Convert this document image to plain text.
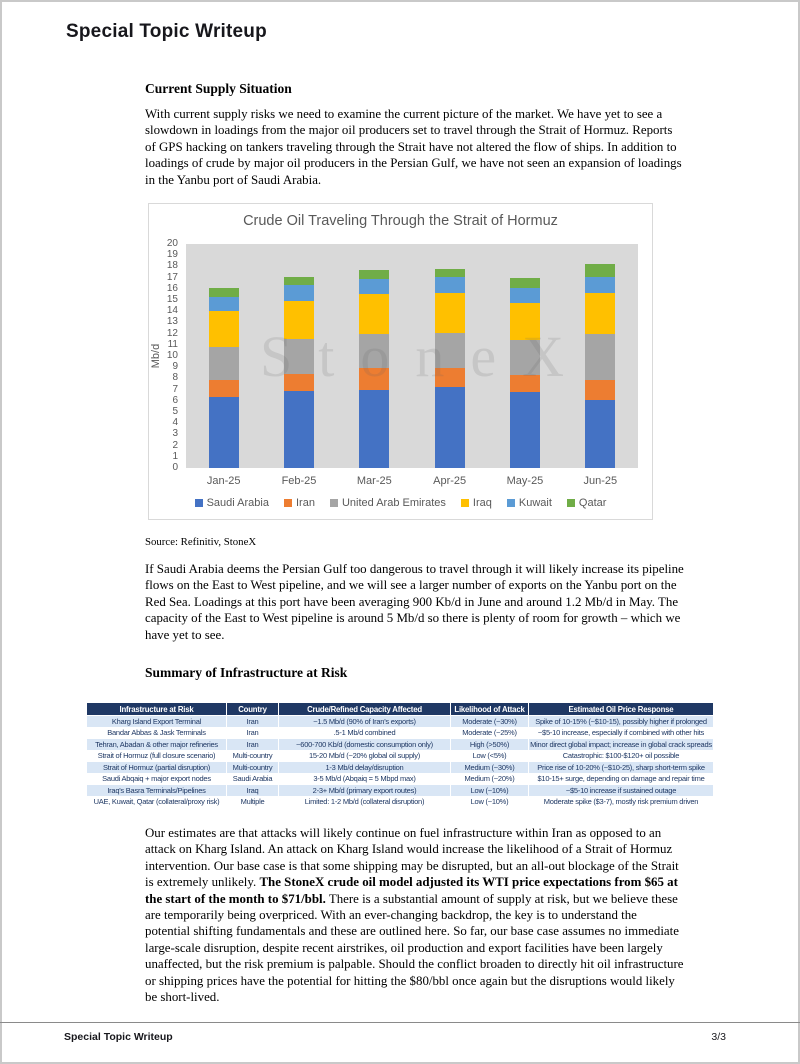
Special Topic Writeup
Current Supply Situation
With current supply risks we need to examine the current picture of the market. We have yet to see a slowdown in loadings from the major oil producers set to travel through the Strait of Hormuz. Reports of GPS hacking on tankers traveling through the Strait have not altered the flow of ships. In addition to loadings of crude by major oil producers in the Persian Gulf, we have not seen an expansion of loadings in the Yanbu port of Saudi Arabia.
Crude Oil Traveling Through the Strait of Hormuz
0
1
2
3
4
5
6
7
8
9
10
11
12
13
14
15
16
17
18
19
20
Mb/d
Jan-25	Feb-25	Mar-25	Apr-25	May-25	Jun-25
Saudi Arabia Iran United Arab Emirates Iraq Kuwait Qatar
Source: Refinitiv, StoneX
If Saudi Arabia deems the Persian Gulf too dangerous to travel through it will likely increase its pipeline flows on the East to West pipeline, and we will see a larger number of exports on the Yanbu port on the Red Sea. Loadings at this port have been averaging 900 Kb/d in June and around 1.2 Mb/d in May. The capacity of the East to West pipeline is around 5 Mb/d so there is plenty of room for growth – which we have yet to see.
Summary of Infrastructure at Risk
Infrastructure at Risk	Country	Crude/Refined Capacity Affected	Likelihood of Attack	Estimated Oil Price Response
Kharg Island Export Terminal	Iran	~1.5 Mb/d (90% of Iran's exports)	Moderate (~30%)	Spike of 10-15% (~$10-15), possibly higher if prolonged
Bandar Abbas & Jask Terminals	Iran	.5-1 Mb/d combined	Moderate (~25%)	~$5-10 increase, especially if combined with other hits
Tehran, Abadan & other major refineries	Iran	~600-700 Kb/d (domestic consumption only)	High (>50%)	Minor direct global impact; increase in global crack spreads
Strait of Hormuz (full closure scenario)	Multi-country	15-20 Mb/d (~20% global oil supply)	Low (<5%)	Catastrophic: $100-$120+ oil possible
Strait of Hormuz (partial disruption)	Multi-country	1-3 Mb/d delay/disruption	Medium (~30%)	Price rise of 10-20% (~$10-25), sharp short-term spike
Saudi Abqaiq + major export nodes	Saudi Arabia	3-5 Mb/d (Abqaiq = 5 Mbpd max)	Medium (~20%)	$10-15+ surge, depending on damage and repair time
Iraq's Basra Terminals/Pipelines	Iraq	2-3+ Mb/d (primary export routes)	Low (~10%)	~$5-10 increase if sustained outage
UAE, Kuwait, Qatar (collateral/proxy risk)	Multiple	Limited: 1-2 Mb/d (collateral disruption)	Low (~10%)	Moderate spike ($3-7), mostly risk premium driven
Our estimates are that attacks will likely continue on fuel infrastructure within Iran as opposed to an attack on Kharg Island. An attack on Kharg Island would increase the likelihood of a Strait of Hormuz intervention. Our base case is that some shipping may be disrupted, but an all-out blockage of the Strait is extremely unlikely. The StoneX crude oil model adjusted its WTI price expectations from $65 at the start of the month to $71/bbl. There is a substantial amount of supply at risk, but we believe these are temporarily being overpriced. With an ever-changing backdrop, the key is to understand the potential shifting fundamentals and these are outlined here. So far, our base case assumes no immediate large-scale disruption, despite recent airstrikes, oil production and export facilities have been largely unaffected, but the risk premium is palpable. Should the conflict broaden to directly hit oil infrastructure or shipping prices have the potential for hitting the $80/bbl once again but the disruptions would likely be short-lived.
Special Topic Writeup	3/3
